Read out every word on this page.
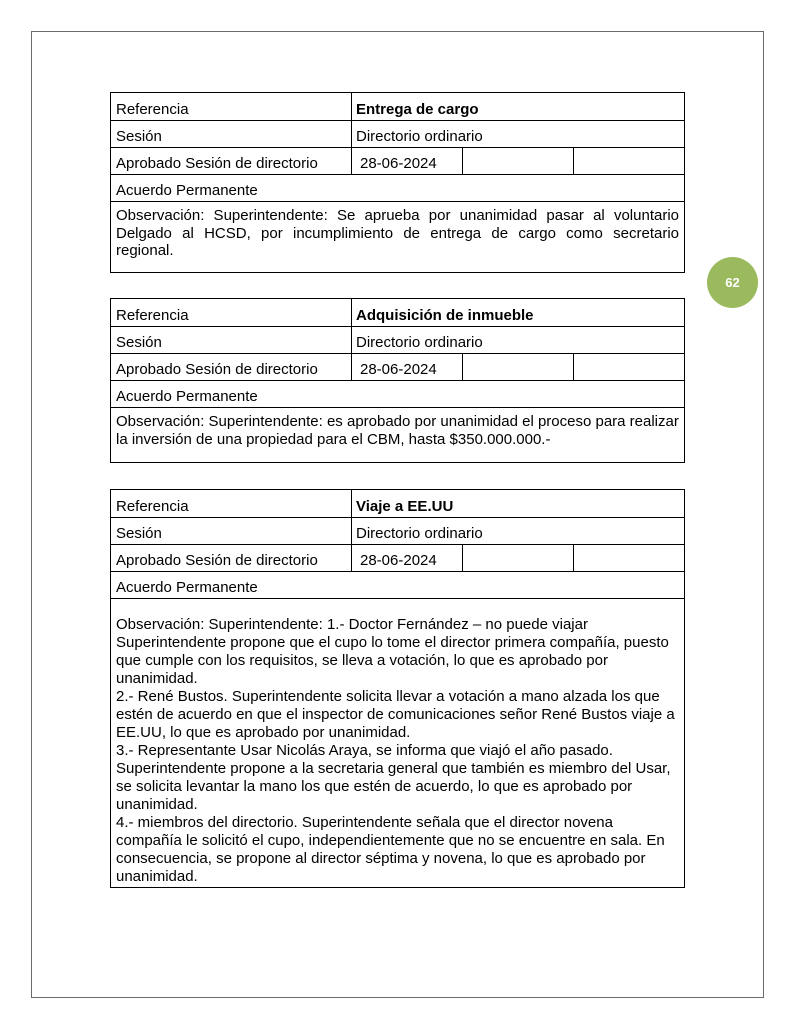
62
Referencia	Entrega de cargo
Sesión	Directorio ordinario
Aprobado Sesión de directorio	28-06-2024
Acuerdo Permanente

Observación: Superintendente: Se aprueba por unanimidad pasar al voluntario Delgado al HCSD, por incumplimiento de entrega de cargo como secretario regional.

Referencia	Adquisición de inmueble
Sesión	Directorio ordinario
Aprobado Sesión de directorio	28-06-2024
Acuerdo Permanente

Observación: Superintendente: es aprobado por unanimidad el proceso para realizar la inversión de una propiedad para el CBM, hasta $350.000.000.-

Referencia	Viaje a EE.UU
Sesión	Directorio ordinario
Aprobado Sesión de directorio	28-06-2024
Acuerdo Permanente

Observación: Superintendente: 1.- Doctor Fernández – no puede viajar

Superintendente propone que el cupo lo tome el director primera compañía, puesto que cumple con los requisitos, se lleva a votación, lo que es aprobado por unanimidad.

2.- René Bustos. Superintendente solicita llevar a votación a mano alzada los que estén de acuerdo en que el inspector de comunicaciones señor René Bustos viaje a EE.UU, lo que es aprobado por unanimidad.

3.- Representante Usar Nicolás Araya, se informa que viajó el año pasado. Superintendente propone a la secretaria general que también es miembro del Usar, se solicita levantar la mano los que estén de acuerdo, lo que es aprobado por unanimidad.

4.- miembros del directorio. Superintendente señala que el director novena compañía le solicitó el cupo, independientemente que no se encuentre en sala. En consecuencia, se propone al director séptima y novena, lo que es aprobado por unanimidad.
